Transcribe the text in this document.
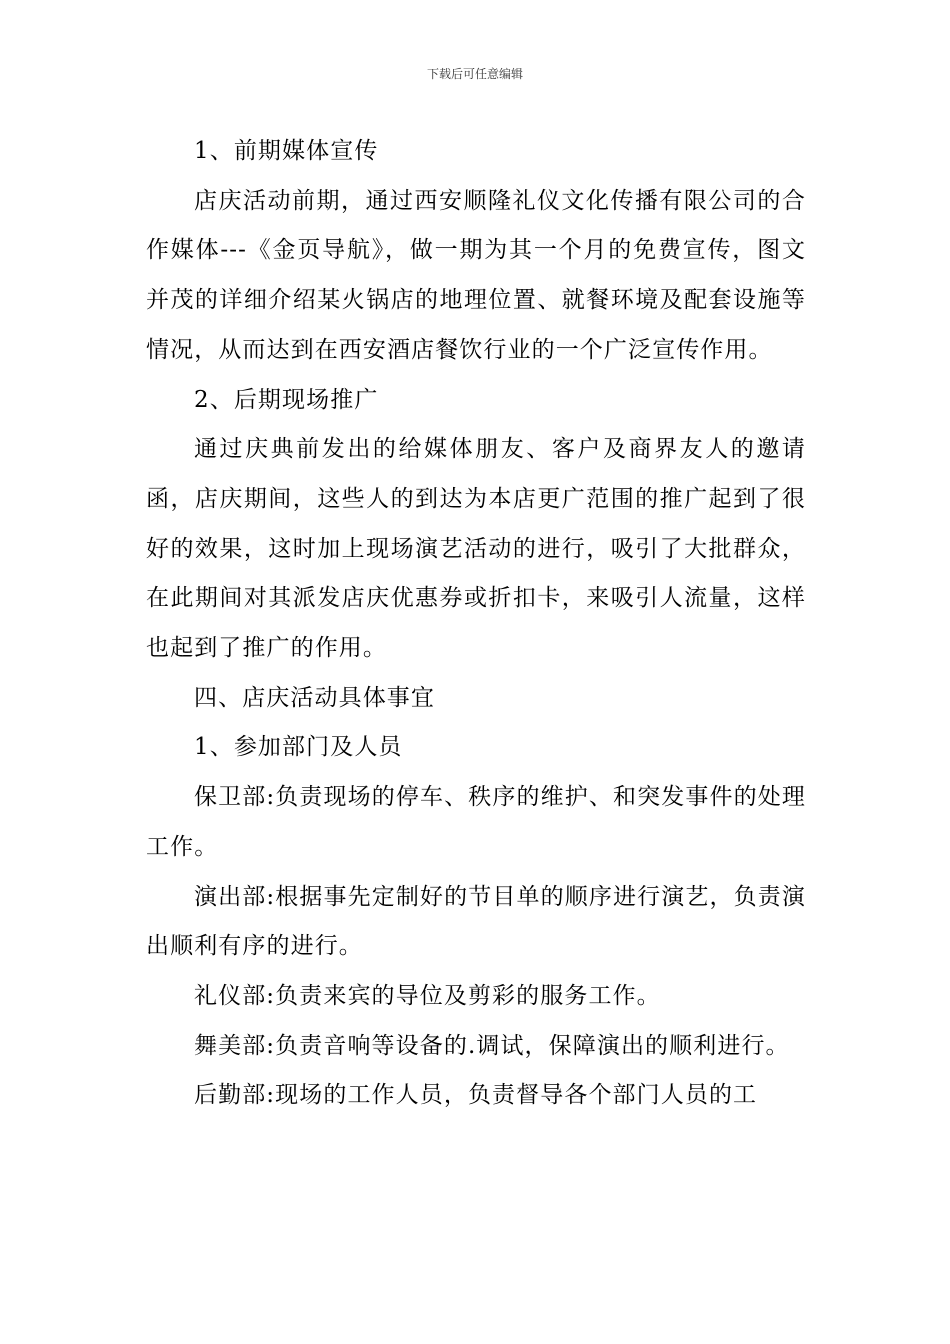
下载后可任意编辑

1、前期媒体宣传

店庆活动前期，通过西安顺隆礼仪文化传播有限公司的合作媒体---《金页导航》，做一期为其一个月的免费宣传，图文并茂的详细介绍某火锅店的地理位置、就餐环境及配套设施等情况，从而达到在西安酒店餐饮行业的一个广泛宣传作用。

2、后期现场推广

通过庆典前发出的给媒体朋友、客户及商界友人的邀请函，店庆期间，这些人的到达为本店更广范围的推广起到了很好的效果，这时加上现场演艺活动的进行，吸引了大批群众，在此期间对其派发店庆优惠券或折扣卡，来吸引人流量，这样也起到了推广的作用。

四、店庆活动具体事宜

1、参加部门及人员

保卫部:负责现场的停车、秩序的维护、和突发事件的处理工作。

演出部:根据事先定制好的节目单的顺序进行演艺，负责演出顺利有序的进行。

礼仪部:负责来宾的导位及剪彩的服务工作。

舞美部:负责音响等设备的.调试，保障演出的顺利进行。

后勤部:现场的工作人员，负责督导各个部门人员的工
